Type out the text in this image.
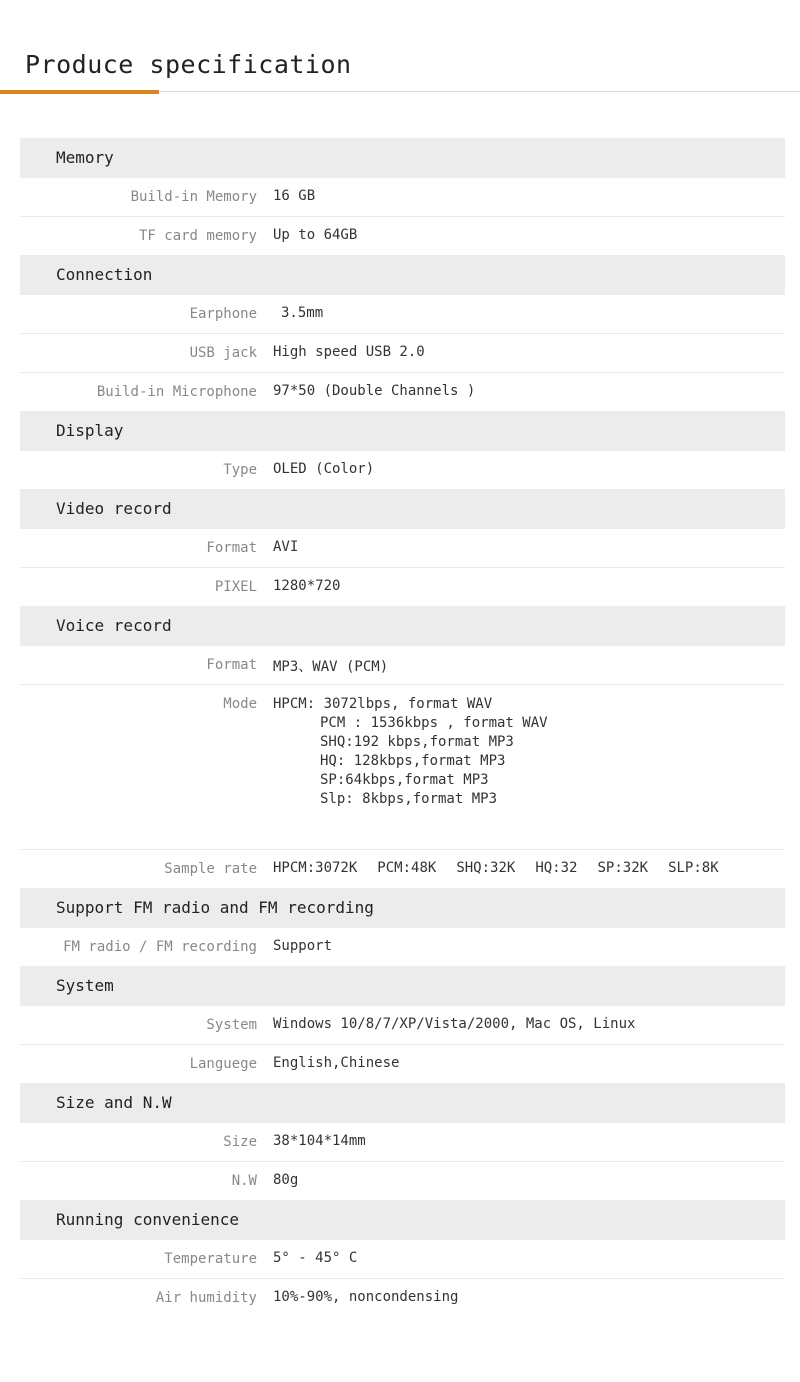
Produce specification
Memory
Build-in Memory	16 GB
TF card memory	Up to 64GB
Connection
Earphone	3.5mm
USB jack	High speed USB 2.0
Build-in Microphone	97*50 (Double Channels )
Display
Type	OLED (Color)
Video record
Format	AVI
PIXEL	1280*720
Voice record
Format	MP3、WAV (PCM)
Mode HPCM: 3072lbps, format WAV
PCM : 1536kbps , format WAV
SHQ:192 kbps,format MP3
HQ: 128kbps,format MP3
SP:64kbps,format MP3
Slp: 8kbps,format MP3
Sample rate	HPCM:3072K PCM:48K SHQ:32K HQ:32 SP:32K SLP:8K
Support FM radio and FM recording
FM radio / FM recording	Support
System
System	Windows 10/8/7/XP/Vista/2000, Mac OS, Linux
Languege	English,Chinese
Size and N.W
Size	38*104*14mm
N.W	80g
Running convenience
Temperature	5° - 45° C
Air humidity	10%-90%, noncondensing
